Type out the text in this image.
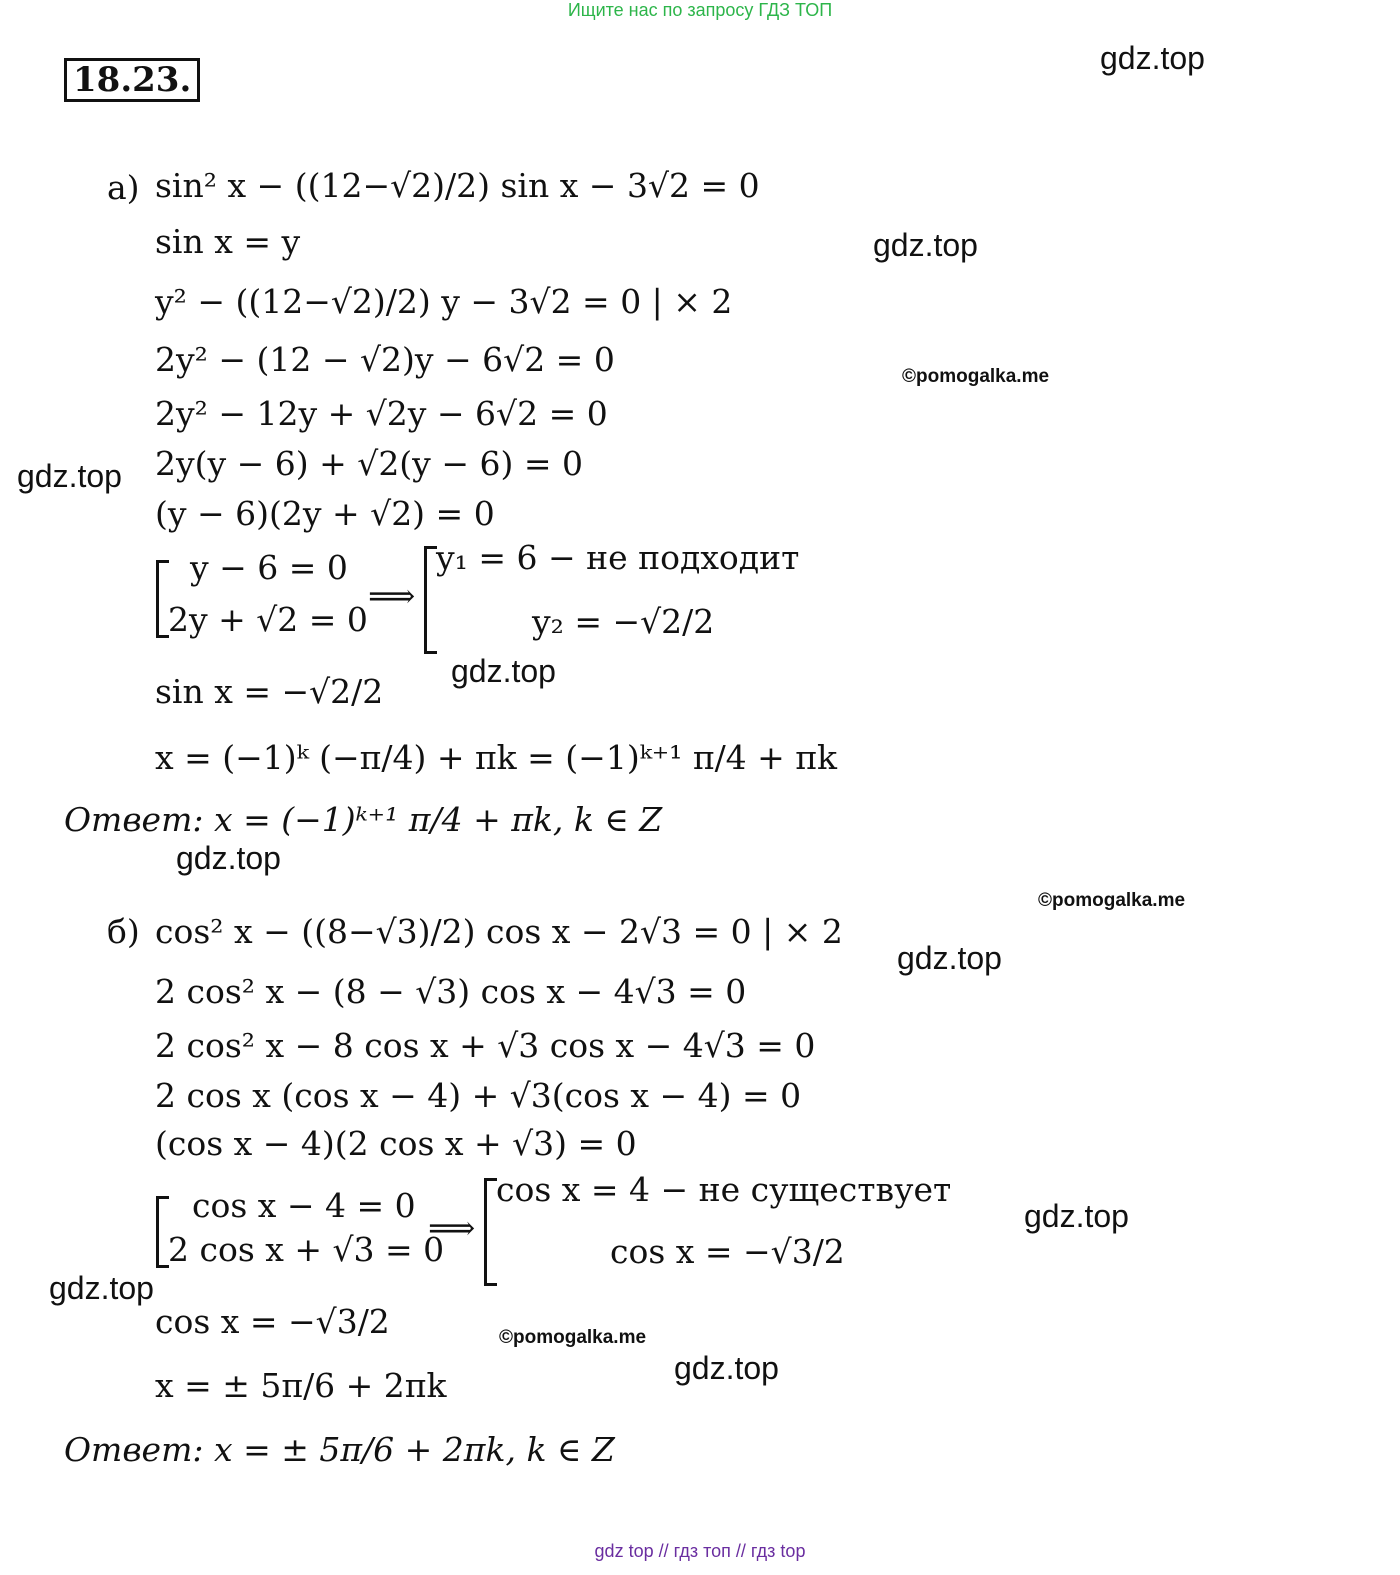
Ищите нас по запросу ГДЗ ТОП
18.23.
gdz.top
gdz.top
©pomogalka.me
gdz.top
gdz.top
gdz.top
©pomogalka.me
gdz.top
gdz.top
gdz.top
©pomogalka.me
gdz.top
а) sin² x − ((12−√2)/2) sin x − 3√2 = 0
sin x = y
y² − ((12−√2)/2) y − 3√2 = 0 | × 2
2y² − (12 − √2)y − 6√2 = 0
2y² − 12y + √2y − 6√2 = 0
2y(y − 6) + √2(y − 6) = 0
(y − 6)(2y + √2) = 0
y − 6 = 0
2y + √2 = 0
⟹
y₁ = 6 − не подходит
y₂ = −√2/2
sin x = −√2/2
x = (−1)ᵏ (−π/4) + πk = (−1)ᵏ⁺¹ π/4 + πk
Ответ: x = (−1)ᵏ⁺¹ π/4 + πk, k ∈ Z
б) cos² x − ((8−√3)/2) cos x − 2√3 = 0 | × 2
2 cos² x − (8 − √3) cos x − 4√3 = 0
2 cos² x − 8 cos x + √3 cos x − 4√3 = 0
2 cos x (cos x − 4) + √3(cos x − 4) = 0
(cos x − 4)(2 cos x + √3) = 0
cos x − 4 = 0
2 cos x + √3 = 0
⟹
cos x = 4 − не существует
cos x = −√3/2
cos x = −√3/2
x = ± 5π/6 + 2πk
Ответ: x = ± 5π/6 + 2πk, k ∈ Z
gdz top // гдз топ // гдз top
